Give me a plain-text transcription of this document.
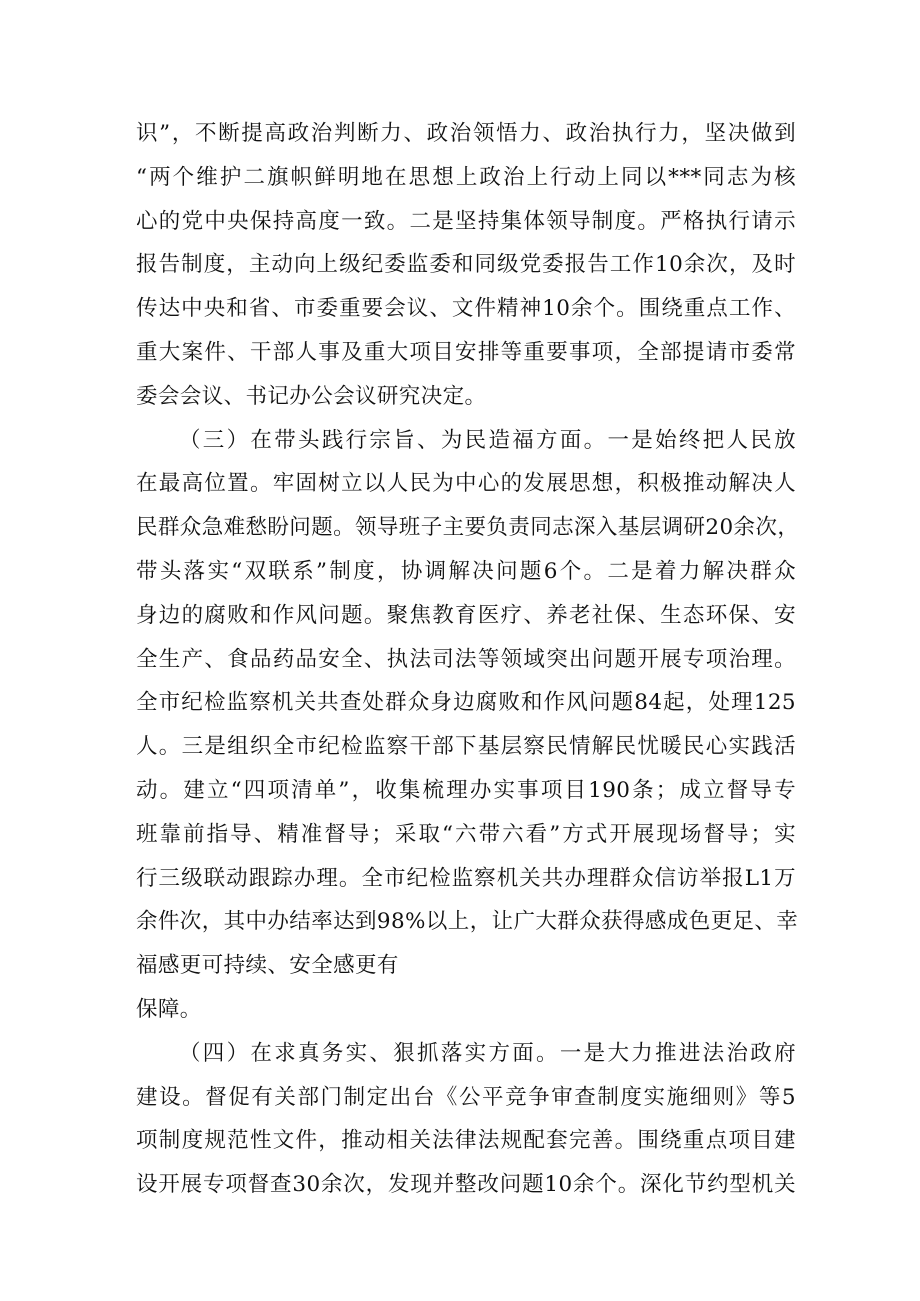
识”，不断提高政治判断力、政治领悟力、政治执行力，坚决做到
“两个维护二旗帜鲜明地在思想上政治上行动上同以***同志为核
心的党中央保持高度一致。二是坚持集体领导制度。严格执行请示
报告制度，主动向上级纪委监委和同级党委报告工作10余次，及时
传达中央和省、市委重要会议、文件精神10余个。围绕重点工作、
重大案件、干部人事及重大项目安排等重要事项，全部提请市委常
委会会议、书记办公会议研究决定。
（三）在带头践行宗旨、为民造福方面。一是始终把人民放
在最高位置。牢固树立以人民为中心的发展思想，积极推动解决人
民群众急难愁盼问题。领导班子主要负责同志深入基层调研20余次，
带头落实“双联系”制度，协调解决问题6个。二是着力解决群众
身边的腐败和作风问题。聚焦教育医疗、养老社保、生态环保、安
全生产、食品药品安全、执法司法等领域突出问题开展专项治理。
全市纪检监察机关共查处群众身边腐败和作风问题84起，处理125
人。三是组织全市纪检监察干部下基层察民情解民忧暖民心实践活
动。建立“四项清单”，收集梳理办实事项目190条；成立督导专
班靠前指导、精准督导；采取“六带六看”方式开展现场督导；实
行三级联动跟踪办理。全市纪检监察机关共办理群众信访举报L1万
余件次，其中办结率达到98%以上，让广大群众获得感成色更足、幸
福感更可持续、安全感更有
保障。
（四）在求真务实、狠抓落实方面。一是大力推进法治政府
建设。督促有关部门制定出台《公平竞争审查制度实施细则》等5
项制度规范性文件，推动相关法律法规配套完善。围绕重点项目建
设开展专项督查30余次，发现并整改问题10余个。深化节约型机关
